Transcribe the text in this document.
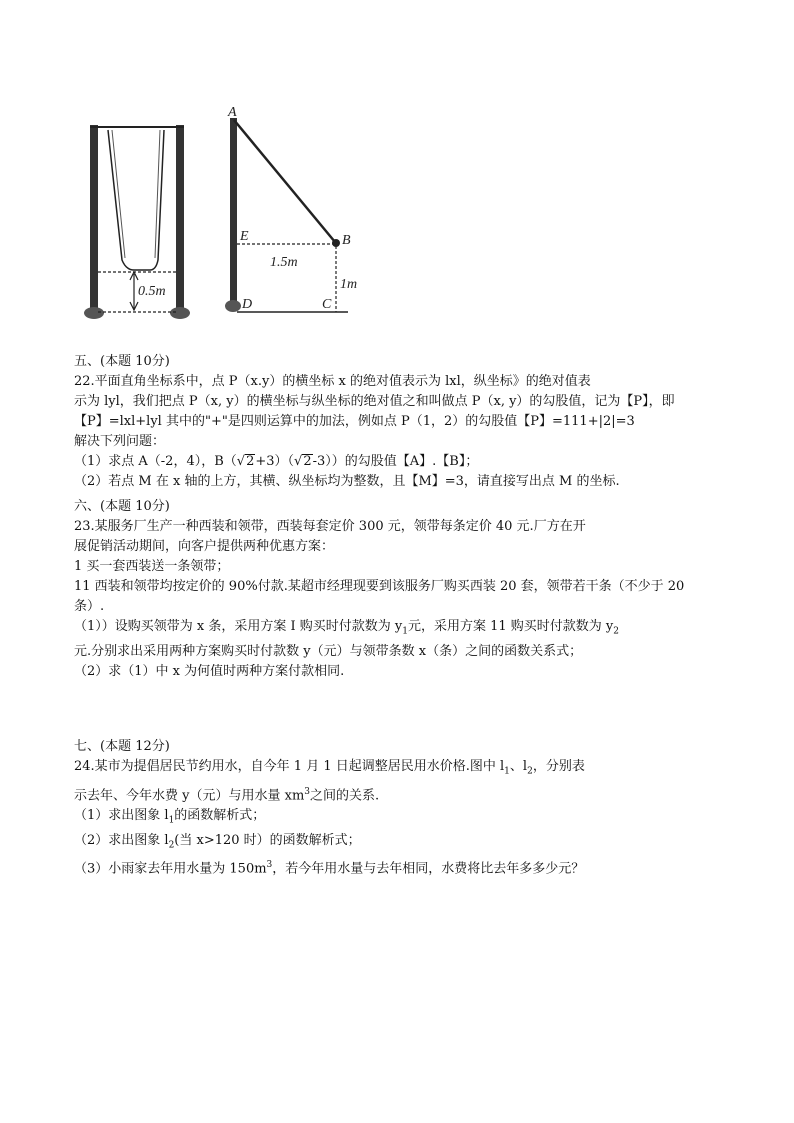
0.5m
A
B
E
D	C
1.5m
1m
五、(本题 10分)
22.平面直角坐标系中，点 P（x.y）的横坐标 x 的绝对值表示为 lxl，纵坐标》的绝对值表
示为 lyl，我们把点 P（x, y）的横坐标与纵坐标的绝对值之和叫做点 P（x, y）的勾股值，记为【P】，即
【P】=lxl+lyl 其中的"+"是四则运算中的加法，例如点 P（1，2）的勾股值【P】=111+|2|=3
解决下列问题：
（1）求点 A（-2，4），B（√2+3）（√2-3））的勾股值【A】.【B】；
（2）若点 M 在 x 轴的上方，其横、纵坐标均为整数，且【M】=3，请直接写出点 M 的坐标.
六、(本题 10分)
23.某服务厂生产一种西装和领带，西装每套定价 300 元，领带每条定价 40 元.厂方在开
展促销活动期间，向客户提供两种优惠方案：
1 买一套西装送一条领带；
11 西装和领带均按定价的 90%付款.某超市经理现要到该服务厂购买西装 20 套，领带若干条（不少于 20
条）.
（1））设购买领带为 x 条，采用方案 I 购买时付款数为 $y_1$元，采用方案 11 购买时付款数为 $y_2$
元.分别求出采用两种方案购买时付款数 y（元）与领带条数 x（条）之间的函数关系式；
（2）求（1）中 x 为何值时两种方案付款相同.
七、(本题 12分)
24.某市为提倡居民节约用水，自今年 1 月 1 日起调整居民用水价格.图中 $l_1$、$l_2$，分别表
示去年、今年水费 y（元）与用水量 $xm^3$之间的关系.
（1）求出图象 $l_1$的函数解析式；
（2）求出图象 $l_2$(当 x>120 时）的函数解析式；
（3）小雨家去年用水量为 $150m^3$，若今年用水量与去年相同，水费将比去年多多少元？
